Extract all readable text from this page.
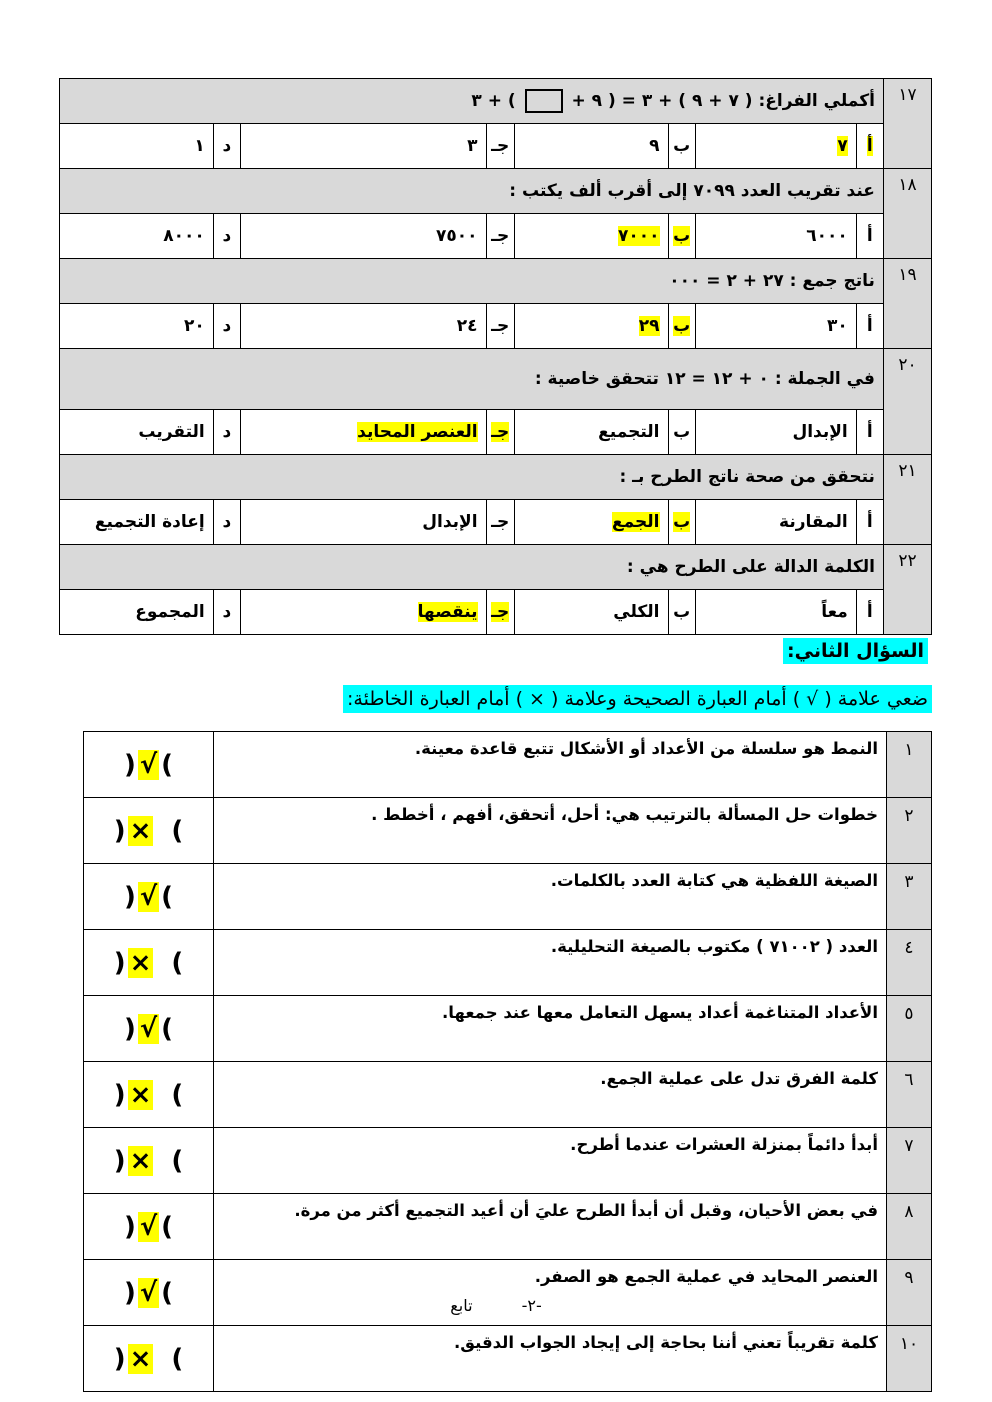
١٧	أكملي الفراغ: ( ٧ + ٩ ) + ٣ = ( ٩ +  ) + ٣							
	أ	٧	ب	٩	جـ	٣	د	١
١٨	عند تقريب العدد ٧٠٩٩ إلى أقرب ألف يكتب :							
	أ	٦٠٠٠	ب	٧٠٠٠	جـ	٧٥٠٠	د	٨٠٠٠
١٩	ناتج جمع : ٢٧ + ٢ = ٠٠٠							
	أ	٣٠	ب	٢٩	جـ	٢٤	د	٢٠
٢٠	في الجملة : ٠ + ١٢ = ١٢ تتحقق خاصية :							
	أ	الإبدال	ب	التجميع	جـ	العنصر المحايد	د	التقريب
٢١	نتحقق من صحة ناتج الطرح بـ :							
	أ	المقارنة	ب	الجمع	جـ	الإبدال	د	إعادة التجميع
٢٢	الكلمة الدالة على الطرح هي :							
	أ	معاً	ب	الكلي	جـ	ينقصها	د	المجموع
السؤال الثاني:
ضعي علامة ( √ ) أمام العبارة الصحيحة وعلامة ( × ) أمام العبارة الخاطئة:
١	النمط هو سلسلة من الأعداد أو الأشكال تتبع قاعدة معينة.	)√(
٢	خطوات حل المسألة بالترتيب هي: أحل، أتحقق، أفهم ، أخطط .	)×(
٣	الصيغة اللفظية هي كتابة العدد بالكلمات.	)√(
٤	العدد ( ٧١٠٠٢ ) مكتوب بالصيغة التحليلية.	)×(
٥	الأعداد المتناغمة أعداد يسهل التعامل معها عند جمعها.	)√(
٦	كلمة الفرق تدل على عملية الجمع.	)×(
٧	أبدأ دائماً بمنزلة العشرات عندما أطرح.	)×(
٨	في بعض الأحيان، وقبل أن أبدأ الطرح عليَ أن أعيد التجميع أكثر من مرة.	)√(
٩	العنصر المحايد في عملية الجمع هو الصفر.	)√(
١٠	كلمة تقريباً تعني أننا بحاجة إلى إيجاد الجواب الدقيق.	)×(
-٢- تابع
